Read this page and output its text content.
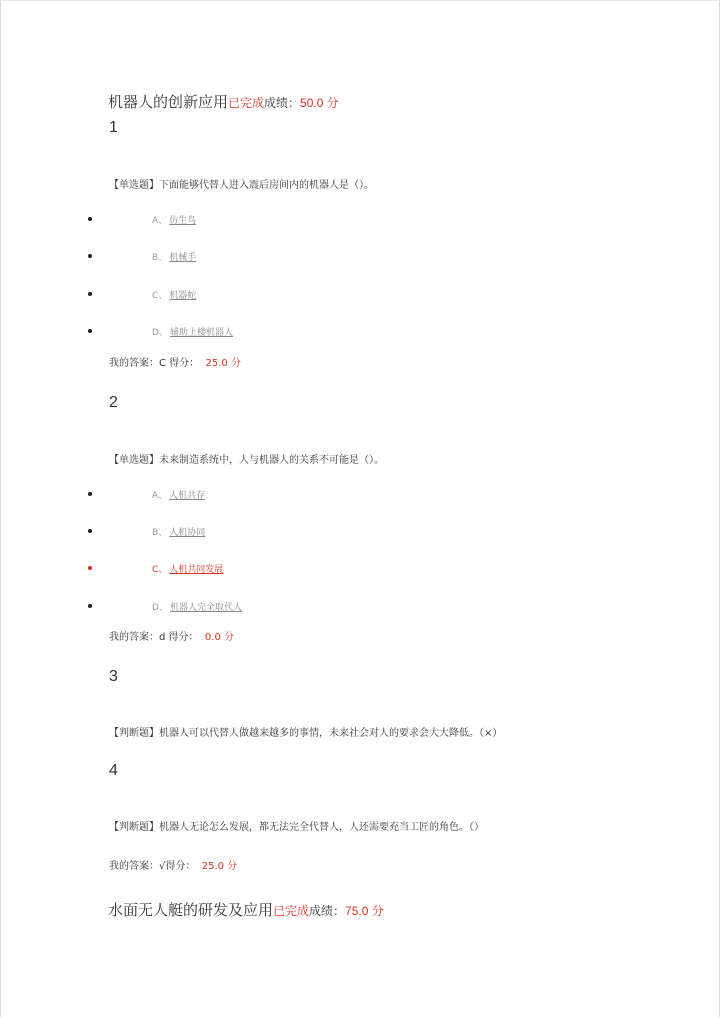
机器人的创新应用已完成成绩：50.0 分
1
【单选题】下面能够代替人进入震后房间内的机器人是（）。
A、 仿生鸟
B、 机械手
C、 机器蛇
D、 辅助上楼机器人
我的答案：C 得分： 25.0 分
2
【单选题】未来制造系统中，人与机器人的关系不可能是（）。
A、 人机共存
B、 人机协同
C、 人机共同发展
D、 机器人完全取代人
我的答案：d 得分： 0.0 分
3
【判断题】机器人可以代替人做越来越多的事情，未来社会对人的要求会大大降低。（×）
4
【判断题】机器人无论怎么发展，都无法完全代替人，人还需要充当工匠的角色。（）
我的答案：√得分： 25.0 分
水面无人艇的研发及应用已完成成绩：75.0 分
